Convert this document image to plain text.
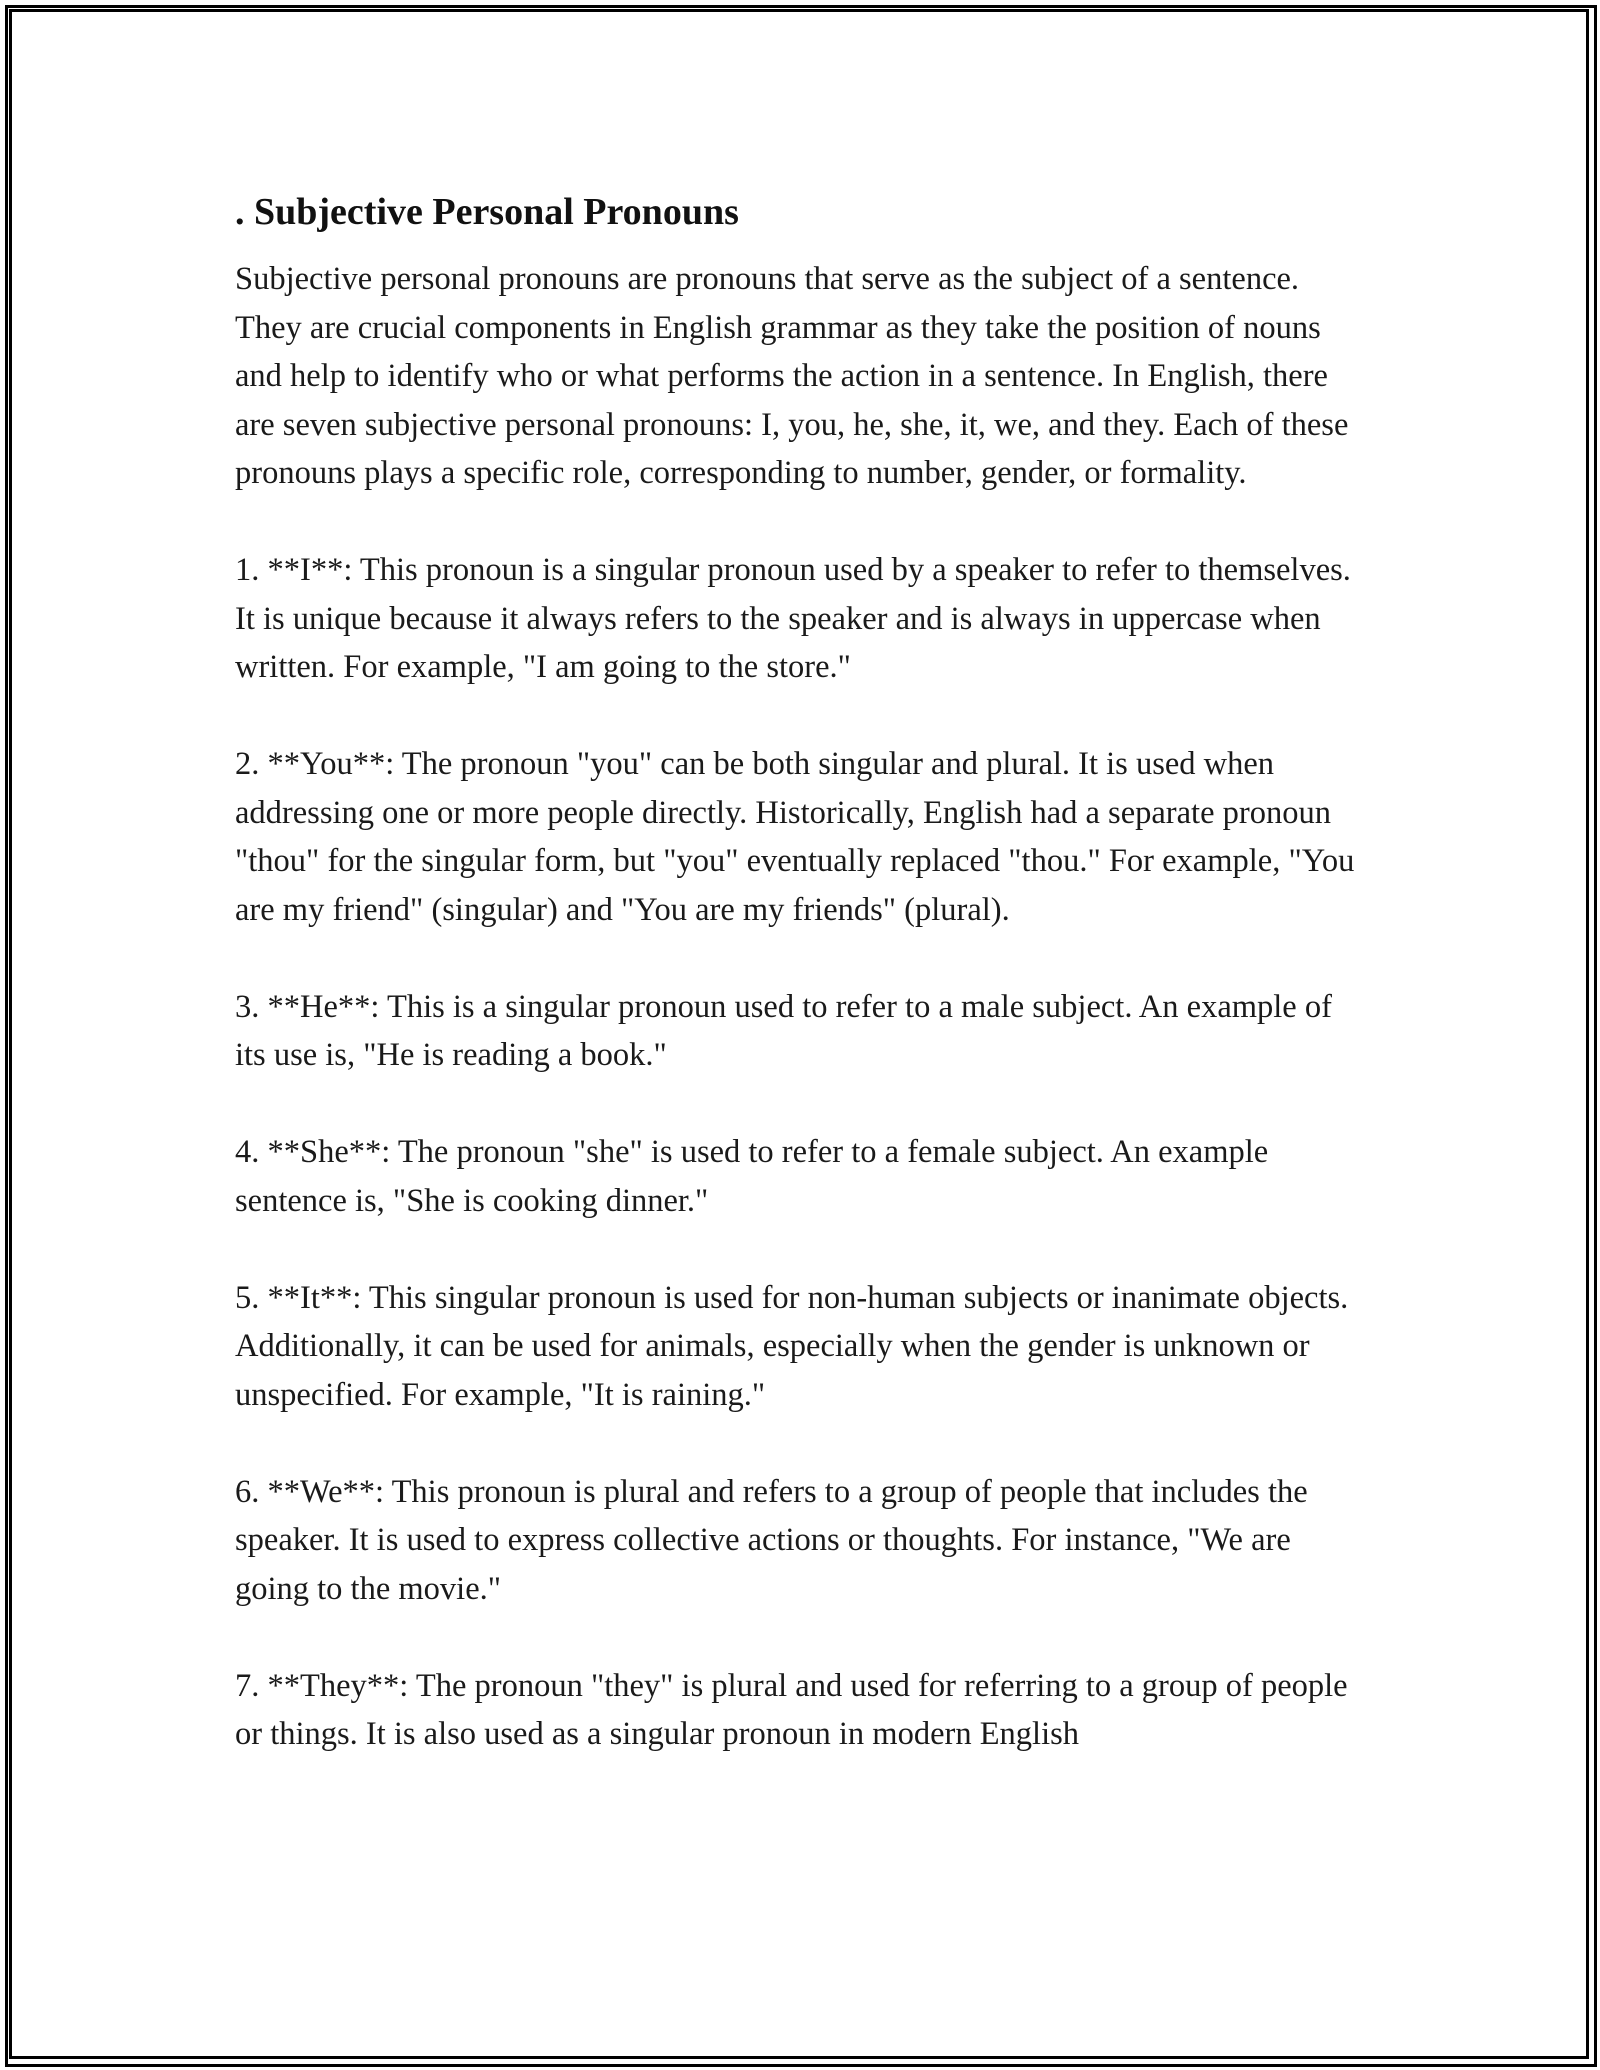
. Subjective Personal Pronouns

Subjective personal pronouns are pronouns that serve as the subject of a sentence. They are crucial components in English grammar as they take the position of nouns and help to identify who or what performs the action in a sentence. In English, there are seven subjective personal pronouns: I, you, he, she, it, we, and they. Each of these pronouns plays a specific role, corresponding to number, gender, or formality.

1. **I**: This pronoun is a singular pronoun used by a speaker to refer to themselves. It is unique because it always refers to the speaker and is always in uppercase when written. For example, "I am going to the store."

2. **You**: The pronoun "you" can be both singular and plural. It is used when addressing one or more people directly. Historically, English had a separate pronoun "thou" for the singular form, but "you" eventually replaced "thou." For example, "You are my friend" (singular) and "You are my friends" (plural).

3. **He**: This is a singular pronoun used to refer to a male subject. An example of its use is, "He is reading a book."

4. **She**: The pronoun "she" is used to refer to a female subject. An example sentence is, "She is cooking dinner."

5. **It**: This singular pronoun is used for non-human subjects or inanimate objects. Additionally, it can be used for animals, especially when the gender is unknown or unspecified. For example, "It is raining."

6. **We**: This pronoun is plural and refers to a group of people that includes the speaker. It is used to express collective actions or thoughts. For instance, "We are going to the movie."

7. **They**: The pronoun "they" is plural and used for referring to a group of people or things. It is also used as a singular pronoun in modern English
